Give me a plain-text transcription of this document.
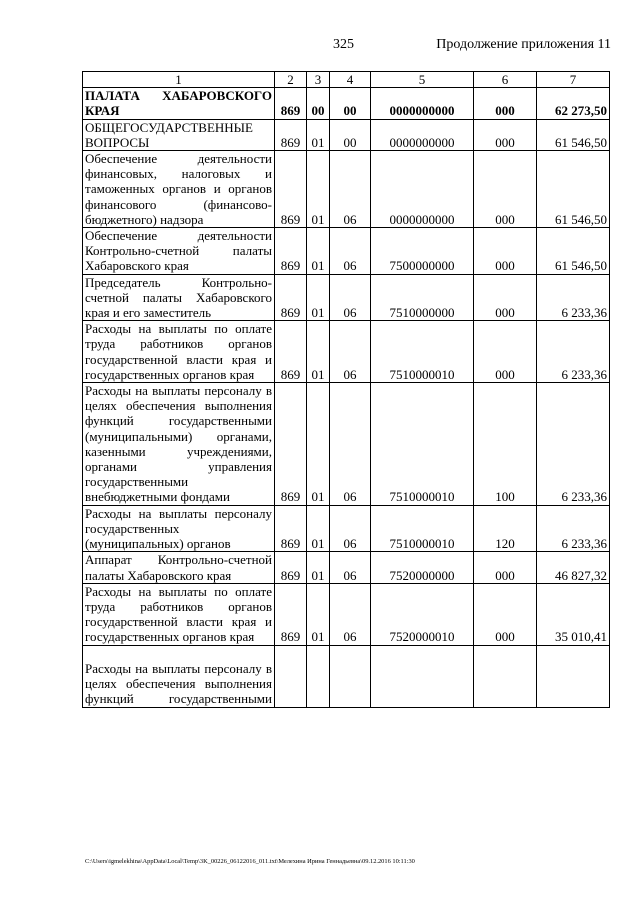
325	Продолжение приложения 11
1	2	3	4	5	6	7
ПАЛАТА ХАБАРОВСКОГО КРАЯ	869	00	00	0000000000	000	62 273,50
ОБЩЕГОСУДАРСТВЕННЫЕ ВОПРОСЫ	869	01	00	0000000000	000	61 546,50
Обеспечение деятельности финансовых, налоговых и таможенных органов и органов финансового (финансово-бюджетного) надзора	869	01	06	0000000000	000	61 546,50
Обеспечение деятельности Контрольно-счетной палаты Хабаровского края	869	01	06	7500000000	000	61 546,50
Председатель Контрольно-счетной палаты Хабаровского края и его заместитель	869	01	06	7510000000	000	6 233,36
Расходы на выплаты по оплате труда работников органов государственной власти края и государственных органов края	869	01	06	7510000010	000	6 233,36
Расходы на выплаты персоналу в целях обеспечения выполнения функций государственными (муниципальными) органами, казенными учреждениями, органами управления государственными внебюджетными фондами	869	01	06	7510000010	100	6 233,36
Расходы на выплаты персоналу государственных (муниципальных) органов	869	01	06	7510000010	120	6 233,36
Аппарат Контрольно-счетной палаты Хабаровского края	869	01	06	7520000000	000	46 827,32
Расходы на выплаты по оплате труда работников органов государственной власти края и государственных органов края	869	01	06	7520000010	000	35 010,41
Расходы на выплаты персоналу в целях обеспечения выполнения функций государственными						
C:\Users\igmelekhina\AppData\Local\Temp\3K_00226_06122016_011.txt\Мелехина Ирина Геннадьевна\09.12.2016 10:11:30
